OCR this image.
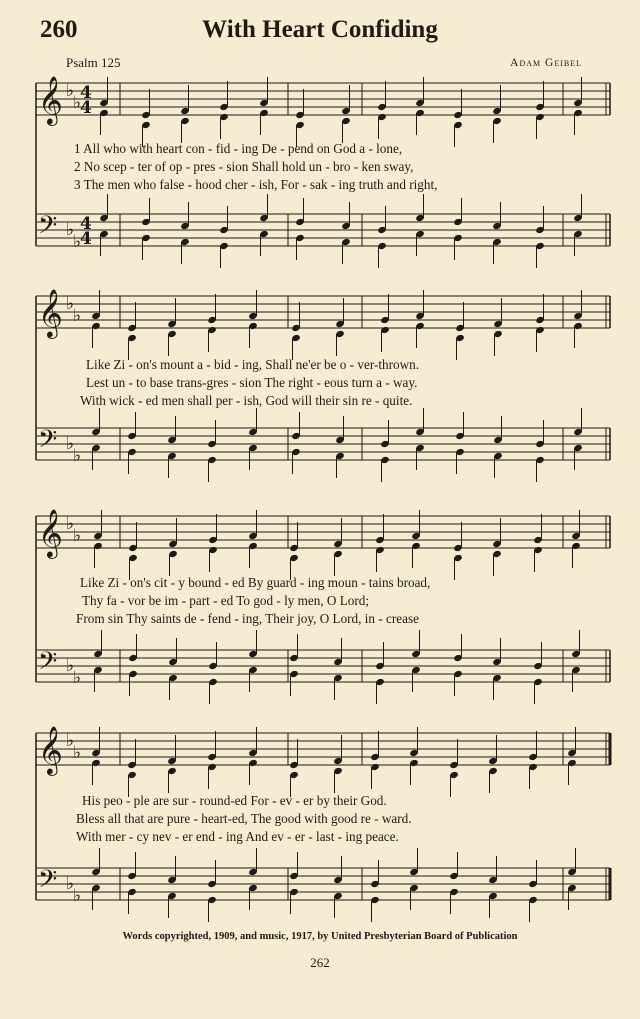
260	With Heart Confiding
Psalm 125	Adam Geibel
𝄞
𝄢
♭
♭
♭
♭
4
4
4
4
𝄞
𝄢
♭
♭
♭
♭
𝄞
𝄢
♭
♭
♭
♭
𝄞
𝄢
♭
♭
♭
♭
1 All who with heart con - fid - ing De - pend on God a - lone,
2 No scep - ter of op - pres - sion Shall hold un - bro - ken sway,
3 The men who false - hood cher - ish, For - sak - ing truth and right,
Like Zi - on's mount a - bid - ing, Shall ne'er be o - ver-thrown.
Lest un - to base trans-gres - sion The right - eous turn a - way.
With wick - ed men shall per - ish, God will their sin re - quite.
Like Zi - on's cit - y bound - ed By guard - ing moun - tains broad,
Thy fa - vor be im - part - ed To god - ly men, O Lord;
From sin Thy saints de - fend - ing, Their joy, O Lord, in - crease
His peo - ple are sur - round-ed For - ev - er by their God.
Bless all that are pure - heart-ed, The good with good re - ward.
With mer - cy nev - er end - ing And ev - er - last - ing peace.
Words copyrighted, 1909, and music, 1917, by United Presbyterian Board of Publication
262
